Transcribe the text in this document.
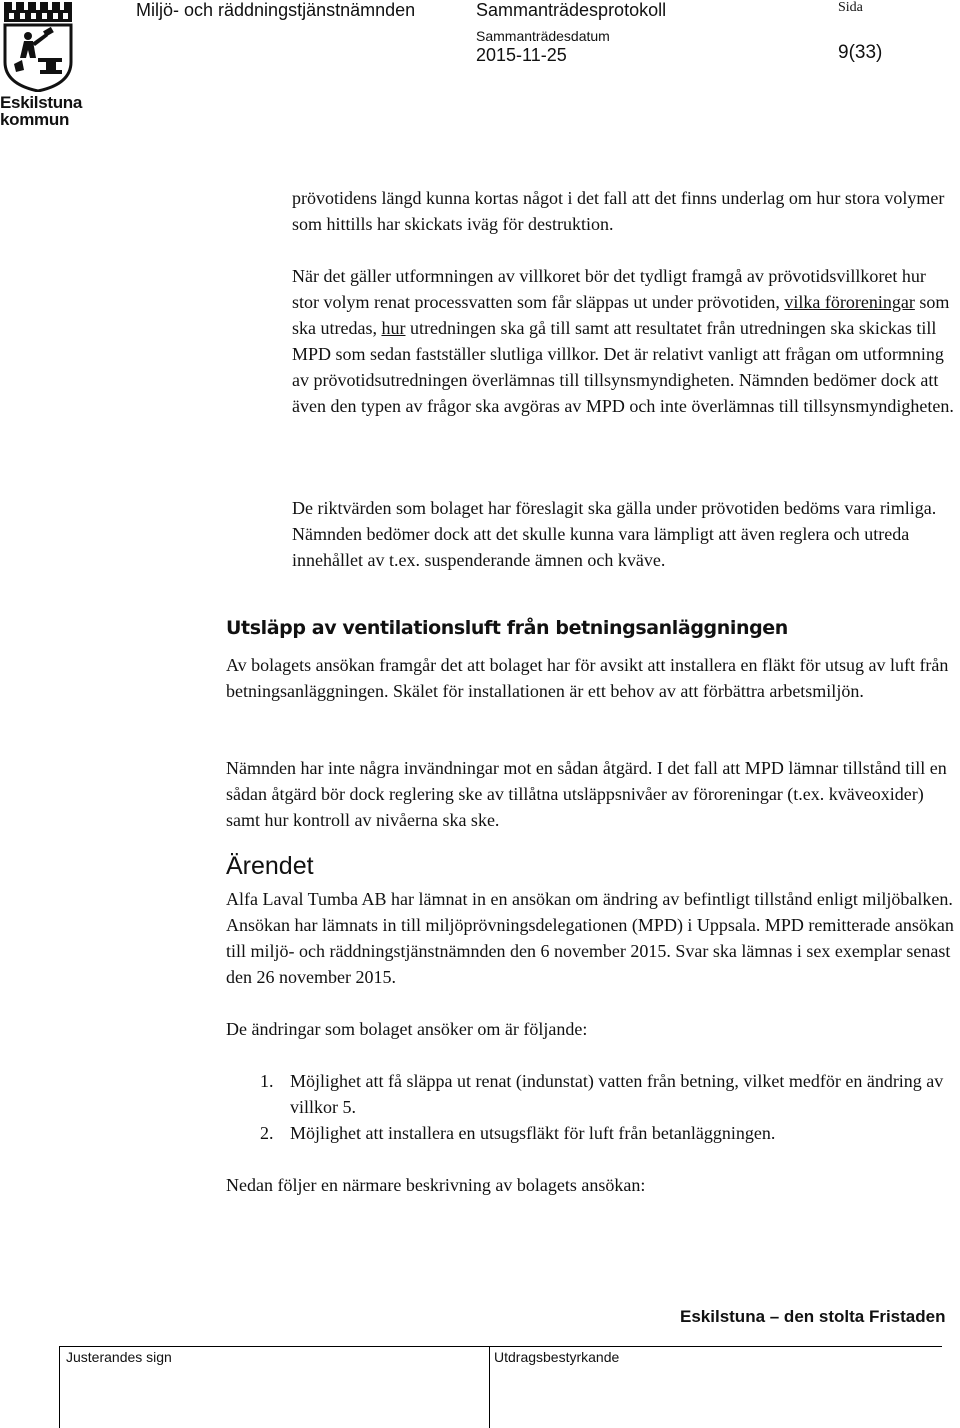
Eskilstuna
kommun
Miljö- och räddningstjänstnämnden	Sammanträdesprotokoll
Sammanträdesdatum
2015-11-25
Sida
9(33)

prövotidens längd kunna kortas något i det fall att det finns underlag om hur stora volymer som hittills har skickats iväg för destruktion.

När det gäller utformningen av villkoret bör det tydligt framgå av prövotidsvillkoret hur stor volym renat processvatten som får släppas ut under prövotiden, vilka föroreningar som ska utredas, hur utredningen ska gå till samt att resultatet från utredningen ska skickas till MPD som sedan fastställer slutliga villkor. Det är relativt vanligt att frågan om utformning av prövotidsutredningen överlämnas till tillsynsmyndigheten. Nämnden bedömer dock att även den typen av frågor ska avgöras av MPD och inte överlämnas till tillsynsmyndigheten.

De riktvärden som bolaget har föreslagit ska gälla under prövotiden bedöms vara rimliga. Nämnden bedömer dock att det skulle kunna vara lämpligt att även reglera och utreda innehållet av t.ex. suspenderande ämnen och kväve.

Utsläpp av ventilationsluft från betningsanläggningen

Av bolagets ansökan framgår det att bolaget har för avsikt att installera en fläkt för utsug av luft från betningsanläggningen. Skälet för installationen är ett behov av att förbättra arbetsmiljön.

Nämnden har inte några invändningar mot en sådan åtgärd. I det fall att MPD lämnar tillstånd till en sådan åtgärd bör dock reglering ske av tillåtna utsläppsnivåer av föroreningar (t.ex. kväveoxider) samt hur kontroll av nivåerna ska ske.

Ärendet

Alfa Laval Tumba AB har lämnat in en ansökan om ändring av befintligt tillstånd enligt miljöbalken. Ansökan har lämnats in till miljöprövningsdelegationen (MPD) i Uppsala. MPD remitterade ansökan till miljö- och räddningstjänstnämnden den 6 november 2015. Svar ska lämnas i sex exemplar senast den 26 november 2015.

De ändringar som bolaget ansöker om är följande:

1. Möjlighet att få släppa ut renat (indunstat) vatten från betning, vilket medför en ändring av villkor 5.
2. Möjlighet att installera en utsugsfläkt för luft från betanläggningen.

Nedan följer en närmare beskrivning av bolagets ansökan:

Eskilstuna – den stolta Fristaden
Justerandes sign	Utdragsbestyrkande
